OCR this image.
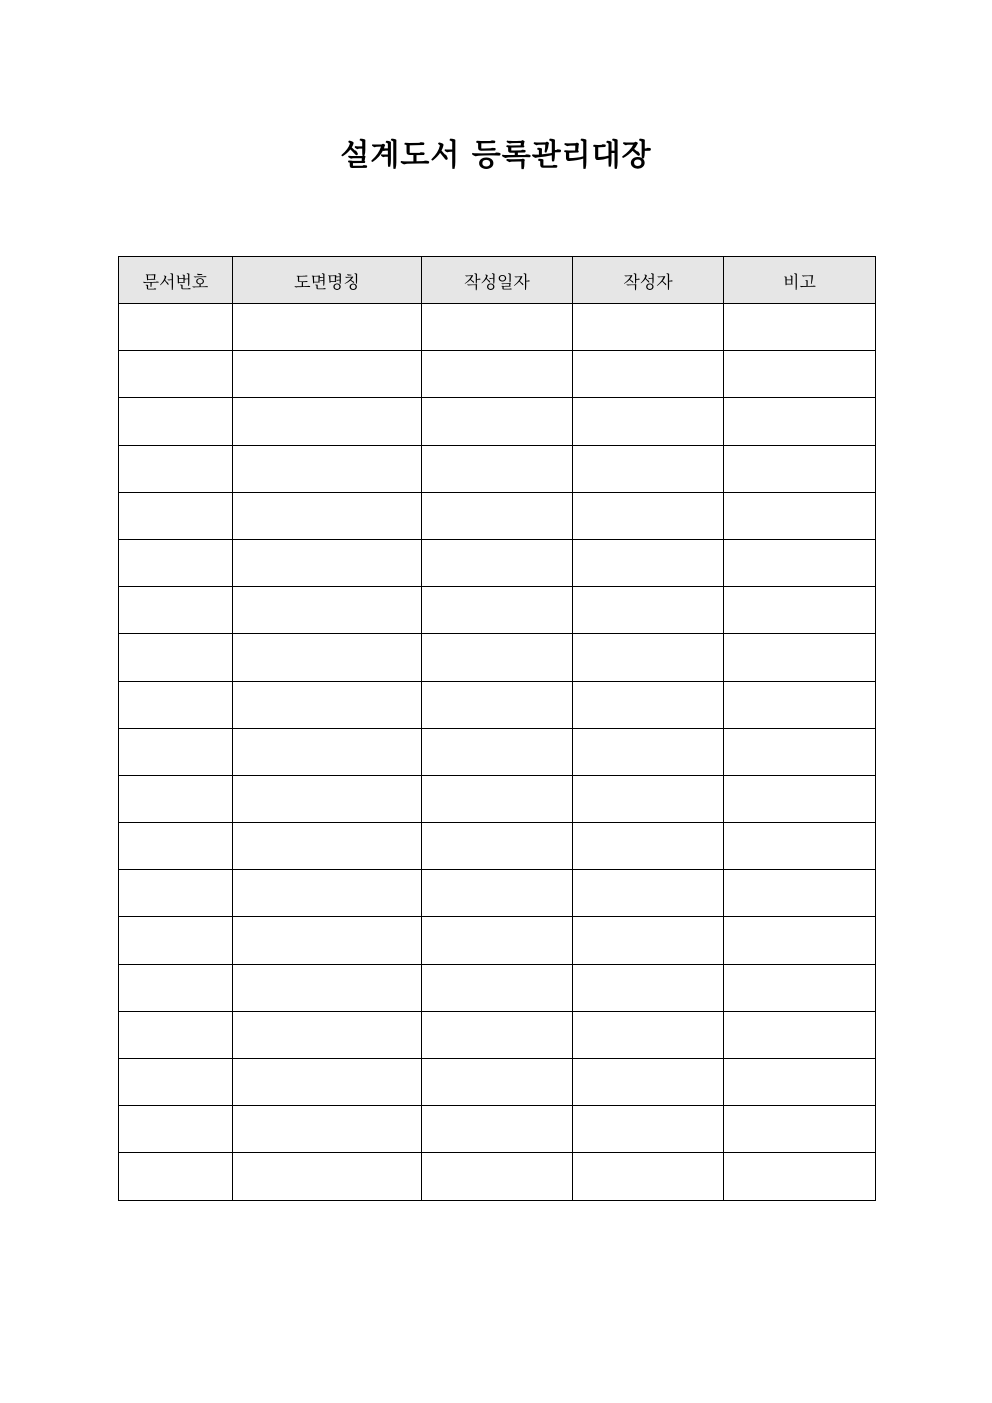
설계도서 등록관리대장
문서번호	도면명칭	작성일자	작성자	비고
